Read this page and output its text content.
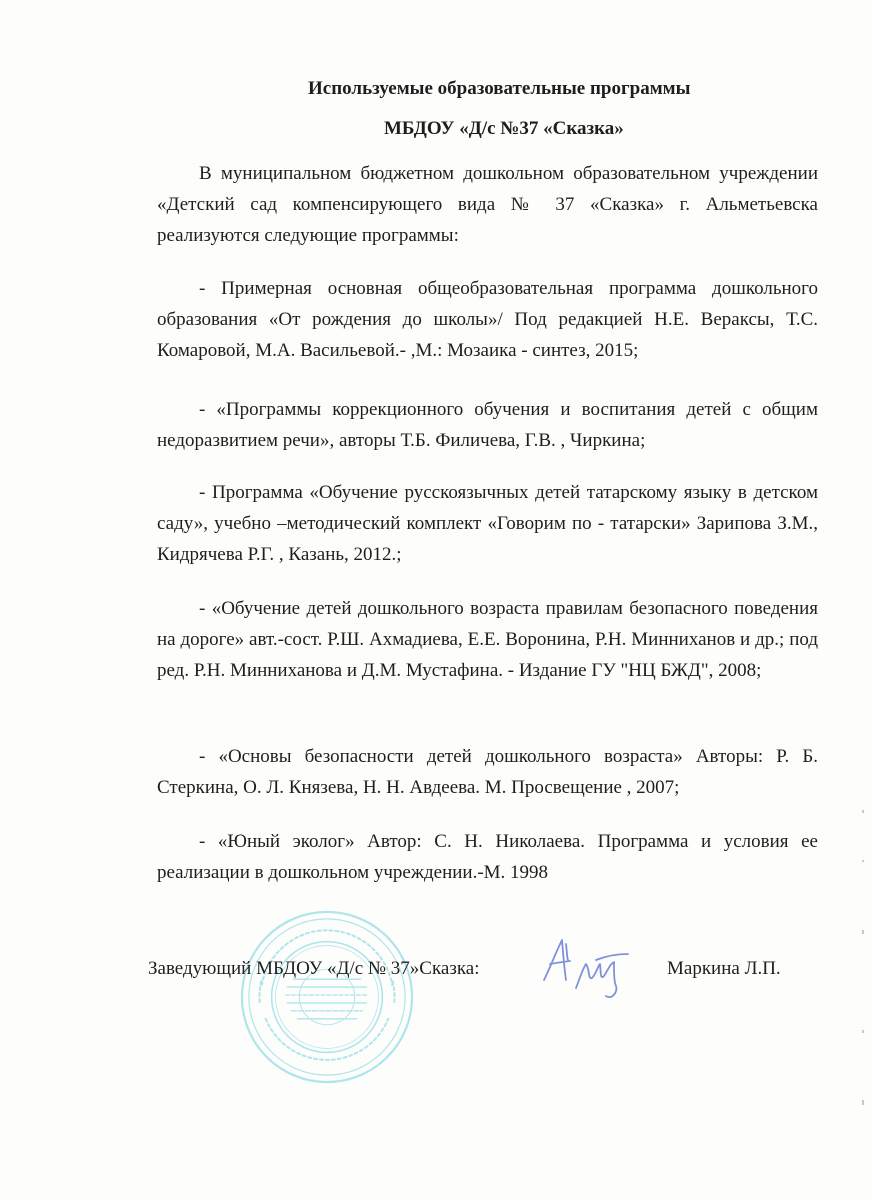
Используемые образовательные программы
МБДОУ «Д/с №37 «Сказка»

В муниципальном бюджетном дошкольном образовательном учреждении «Детский сад компенсирующего вида № 37 «Сказка» г. Альметьевска реализуются следующие программы:

- Примерная основная общеобразовательная программа дошкольного образования «От рождения до школы»/ Под редакцией Н.Е. Вераксы, Т.С. Комаровой, М.А. Васильевой.- ,М.: Мозаика - синтез, 2015;

- «Программы коррекционного обучения и воспитания детей с общим недоразвитием речи», авторы Т.Б. Филичева, Г.В. , Чиркина;

- Программа «Обучение русскоязычных детей татарскому языку в детском саду», учебно –методический комплект «Говорим по - татарски» Зарипова З.М., Кидрячева Р.Г. , Казань, 2012.;

- «Обучение детей дошкольного возраста правилам безопасного поведения на дороге» авт.-сост. Р.Ш. Ахмадиева, Е.Е. Воронина, Р.Н. Минниханов и др.; под ред. Р.Н. Минниханова и Д.М. Мустафина. - Издание ГУ "НЦ БЖД", 2008;

- «Основы безопасности детей дошкольного возраста» Авторы: Р. Б. Стеркина, О. Л. Князева, Н. Н. Авдеева. М. Просвещение , 2007;

- «Юный эколог» Автор: С. Н. Николаева. Программа и условия ее реализации в дошкольном учреждении.-М. 1998

Заведующий МБДОУ «Д/с № 37»Сказка:	Маркина Л.П.
